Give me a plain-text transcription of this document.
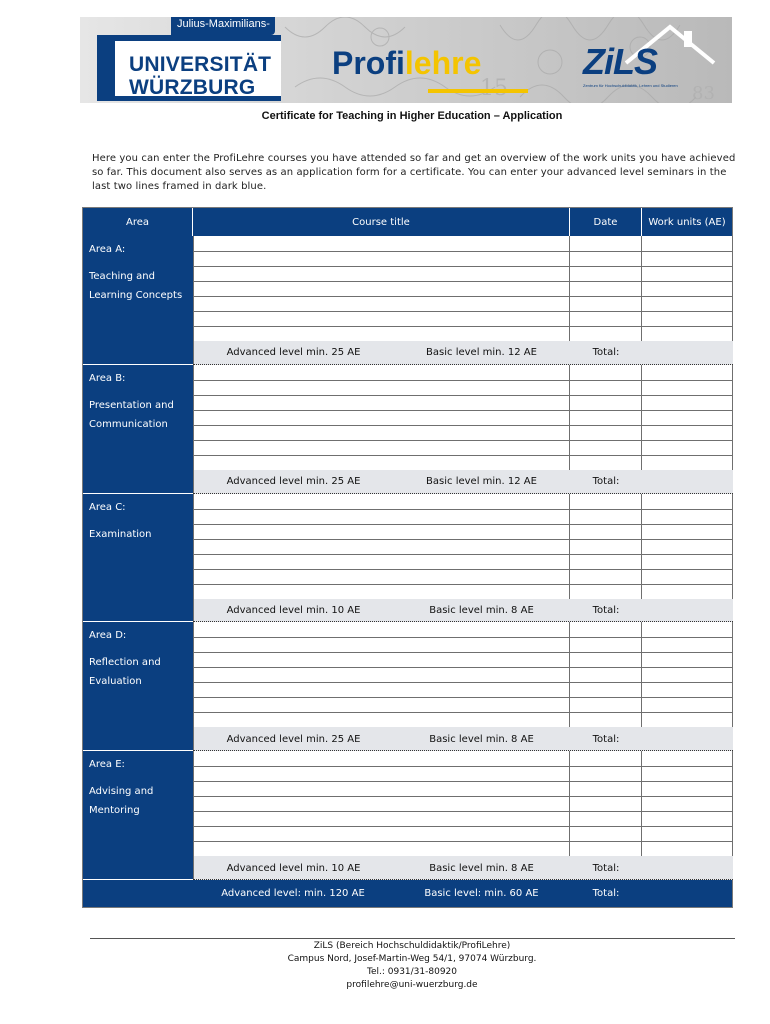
83
UNIVERSITÄT
WÜRZBURG
Julius-Maximilians-
Profilehre	ZiLS
Zentrum für Hochschuldidaktik, Lehren und Studieren
Certificate for Teaching in Higher Education – Application
Here you can enter the ProfiLehre courses you have attended so far and get an overview of the work units you have achieved so far. This document also serves as an application form for a certificate. You can enter your advanced level seminars in the last two lines framed in dark blue.
Area	Course title	Date	Work units (AE)
Area A:
Teaching and
Learning Concepts
Advanced level min. 25 AE	Basic level min. 12 AE	Total:
Area B:
Presentation and
Communication
Advanced level min. 25 AE	Basic level min. 12 AE	Total:
Area C:
Examination
Advanced level min. 10 AE	Basic level min. 8 AE	Total:
Area D:
Reflection and
Evaluation
Advanced level min. 25 AE	Basic level min. 8 AE	Total:
Area E:
Advising and
Mentoring
Advanced level min. 10 AE	Basic level min. 8 AE	Total:
Advanced level: min. 120 AE	Basic level: min. 60 AE	Total:
ZiLS (Bereich Hochschuldidaktik/ProfiLehre)
Campus Nord, Josef-Martin-Weg 54/1, 97074 Würzburg.
Tel.: 0931/31-80920
profilehre@uni-wuerzburg.de
